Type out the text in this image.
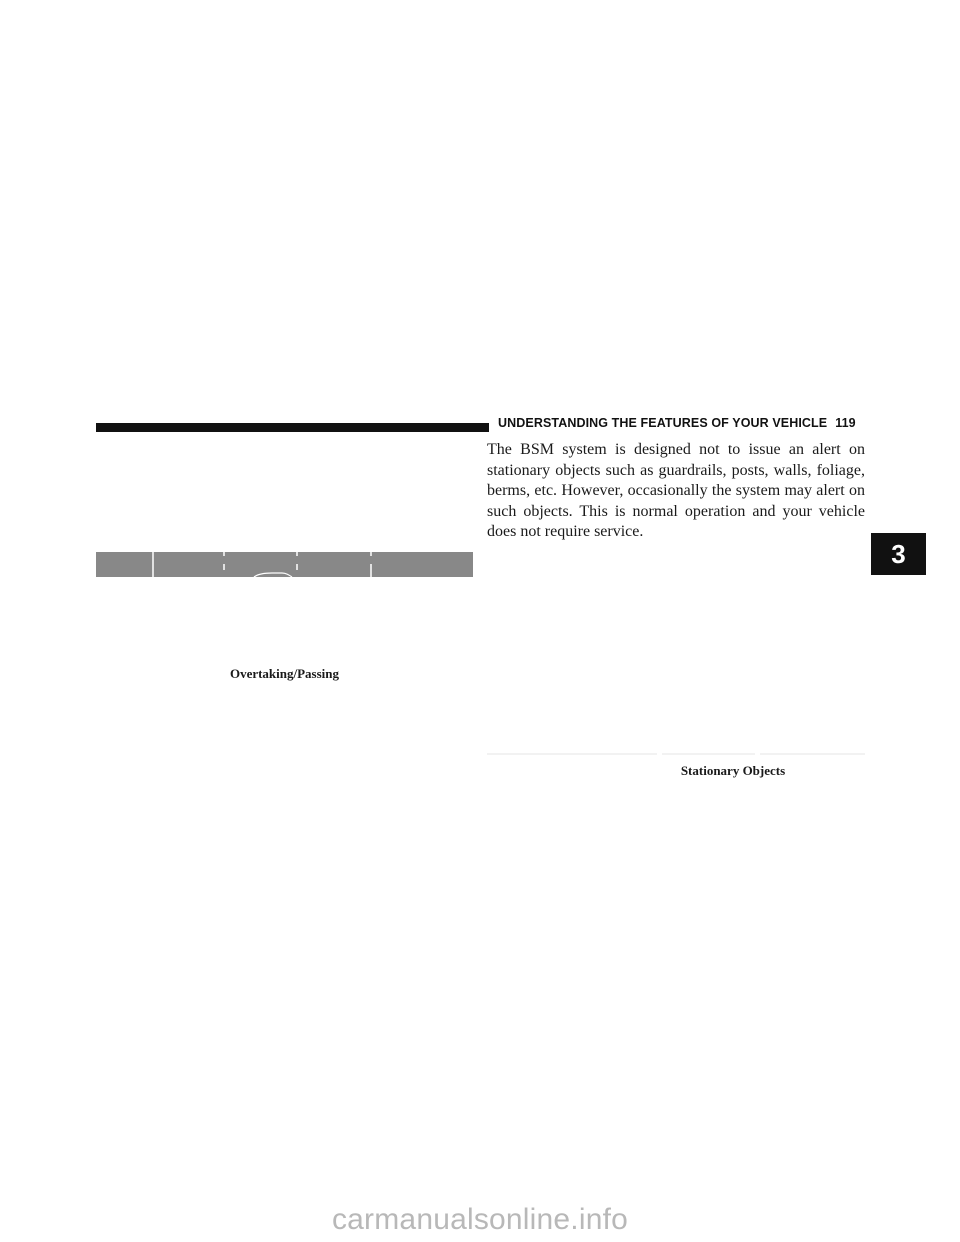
UNDERSTANDING THE FEATURES OF YOUR VEHICLE 119
Overtaking/Passing

The BSM system is designed not to issue an alert on stationary objects such as guardrails, posts, walls, foliage, berms, etc. However, occasionally the system may alert on such objects. This is normal operation and your vehicle does not require service.

Stationary Objects
3
carmanualsonline.info
